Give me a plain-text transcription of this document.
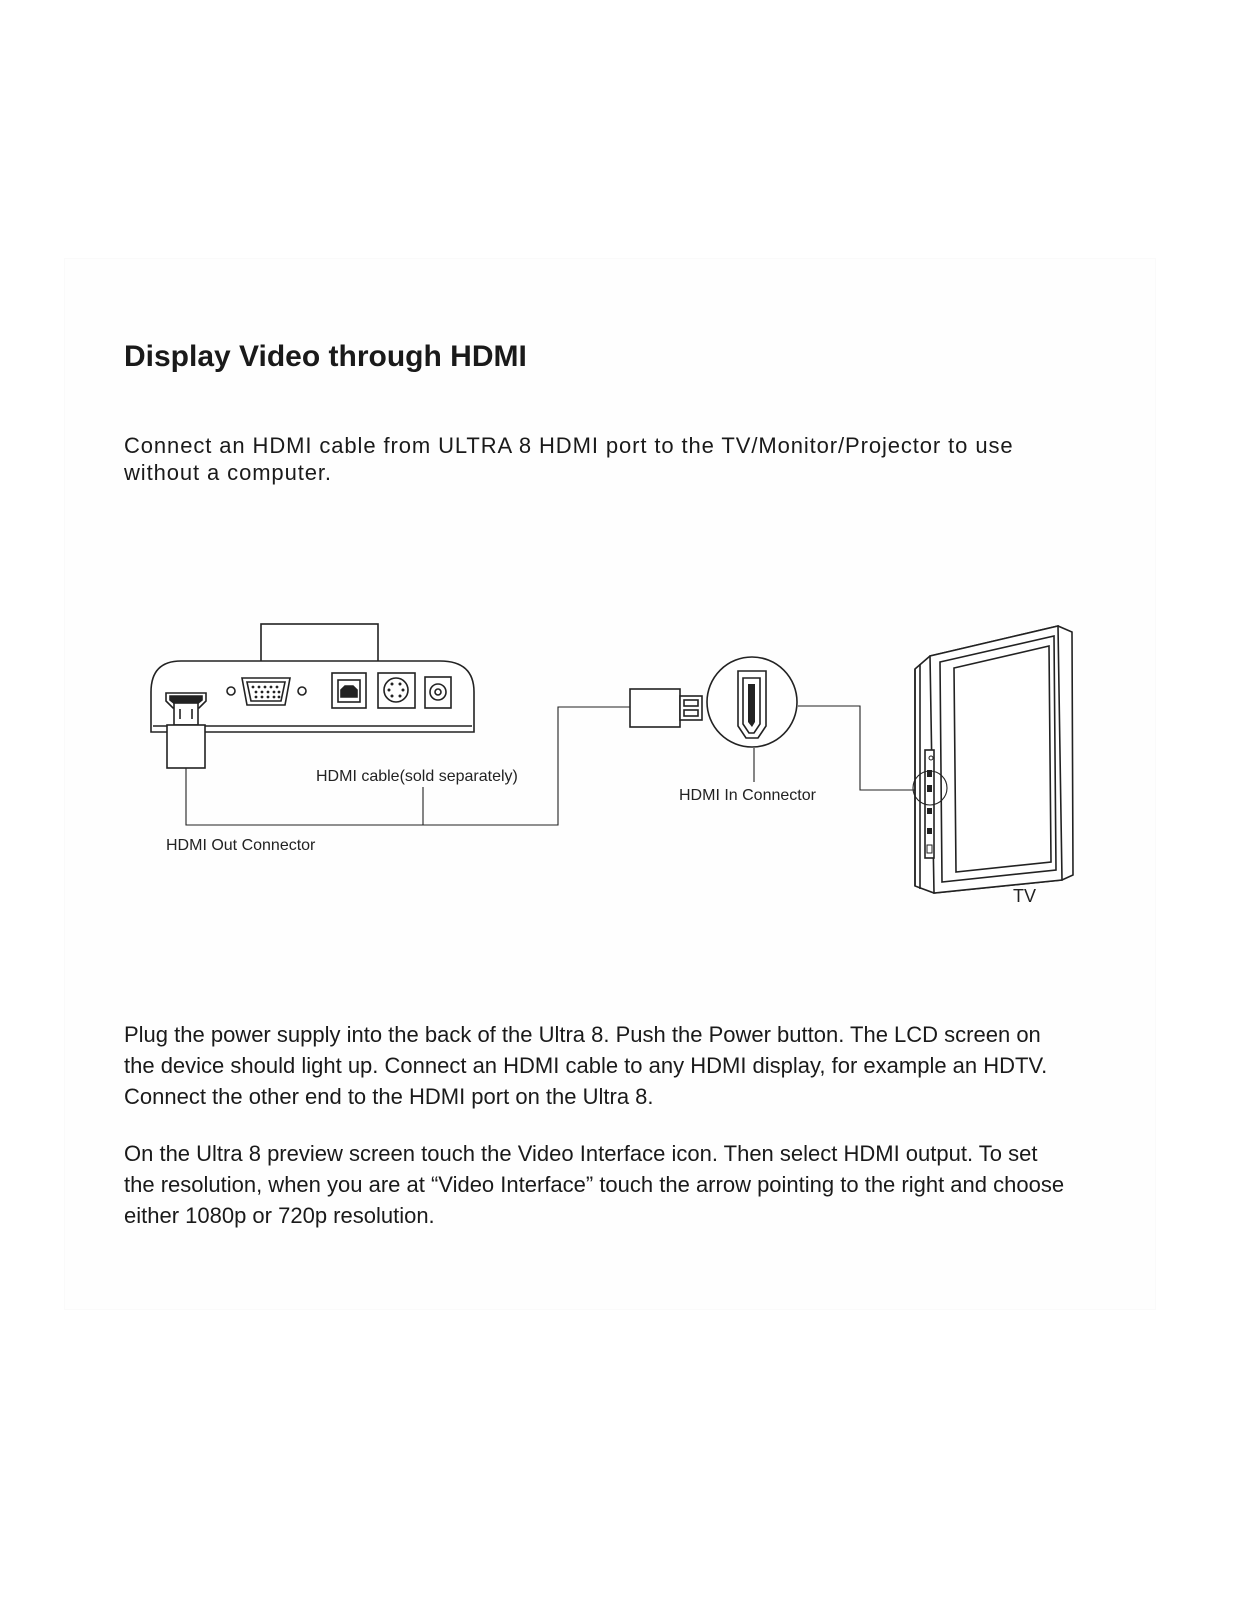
Display Video through HDMI

Connect an HDMI cable from ULTRA 8 HDMI port to the TV/Monitor/Projector to use

without a computer.

HDMI cable(sold separately)
HDMI In Connector
HDMI Out Connector
TV

Plug the power supply into the back of the Ultra 8. Push the Power button. The LCD screen on

the device should light up. Connect an HDMI cable to any HDMI display, for example an HDTV.

Connect the other end to the HDMI port on the Ultra 8.

On the Ultra 8 preview screen touch the Video Interface icon. Then select HDMI output. To set

the resolution, when you are at “Video Interface” touch the arrow pointing to the right and choose

either 1080p or 720p resolution.
